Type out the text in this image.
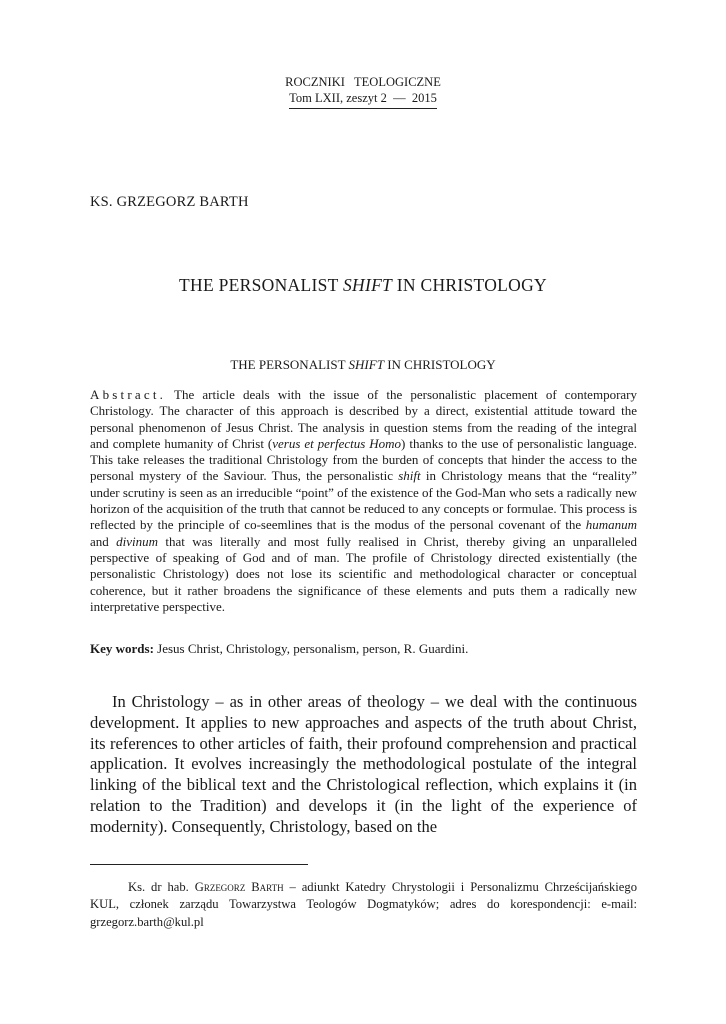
ROCZNIKI   TEOLOGICZNE
Tom LXII, zeszyt 2  —  2015
KS. GRZEGORZ BARTH
THE PERSONALIST SHIFT IN CHRISTOLOGY
THE PERSONALIST SHIFT IN CHRISTOLOGY
Abstract. The article deals with the issue of the personalistic placement of contemporary Christology. The character of this approach is described by a direct, existential attitude toward the personal phenomenon of Jesus Christ. The analysis in question stems from the reading of the integral and complete humanity of Christ (verus et perfectus Homo) thanks to the use of personalistic language. This take releases the traditional Christology from the burden of concepts that hinder the access to the personal mystery of the Saviour. Thus, the personalistic shift in Christology means that the “reality” under scrutiny is seen as an irreducible “point” of the existence of the God-Man who sets a radically new horizon of the acquisition of the truth that cannot be reduced to any concepts or formulae. This process is reflected by the principle of co-seemlines that is the modus of the personal covenant of the humanum and divinum that was literally and most fully realised in Christ, thereby giving an unparalleled perspective of speaking of God and of man. The profile of Christology directed existentially (the personalistic Christology) does not lose its scientific and methodological character or conceptual coherence, but it rather broadens the significance of these elements and puts them a radically new interpretative perspective.
Key words: Jesus Christ, Christology, personalism, person, R. Guardini.
In Christology – as in other areas of theology – we deal with the continuous development. It applies to new approaches and aspects of the truth about Christ, its references to other articles of faith, their profound comprehension and practical application. It evolves increasingly the methodological postulate of the integral linking of the biblical text and the Christological reflection, which explains it (in relation to the Tradition) and develops it (in the light of the experience of modernity). Consequently, Christology, based on the
Ks. dr hab. Grzegorz Barth – adiunkt Katedry Chrystologii i Personalizmu Chrześcijańskiego KUL, członek zarządu Towarzystwa Teologów Dogmatyków; adres do korespondencji: e-mail: grzegorz.barth@kul.pl
